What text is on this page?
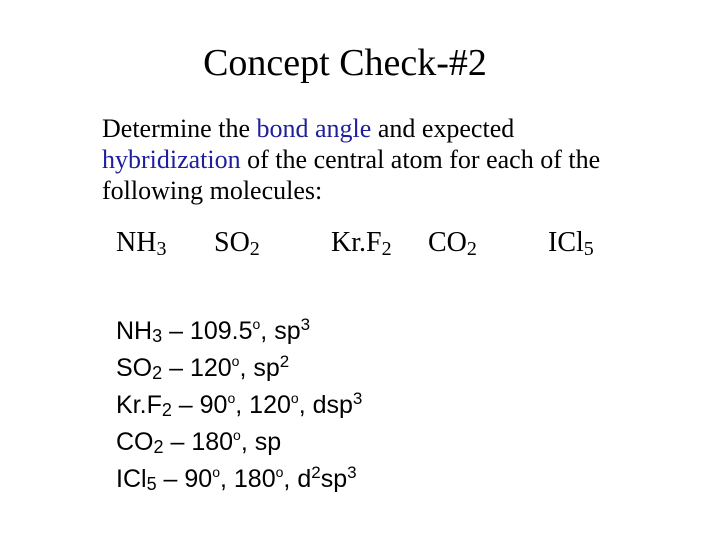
Concept Check-#2
Determine the bond angle and expected
hybridization of the central atom for each of the following molecules:
$NH_3$ $SO_2$	$Kr.F_2$ $CO_2$	ICl$_5$
$NH_3 - 109.5^o$, $sp^3$
$SO_2 - 120^o$, $sp^2$
$Kr.F_2 - 90^o$, 120$^o$, dsp$^3$
$CO_2 - 180^o$, sp
ICl$_5$ – 90$^o$, 180$^o$, $d^2sp^3$
